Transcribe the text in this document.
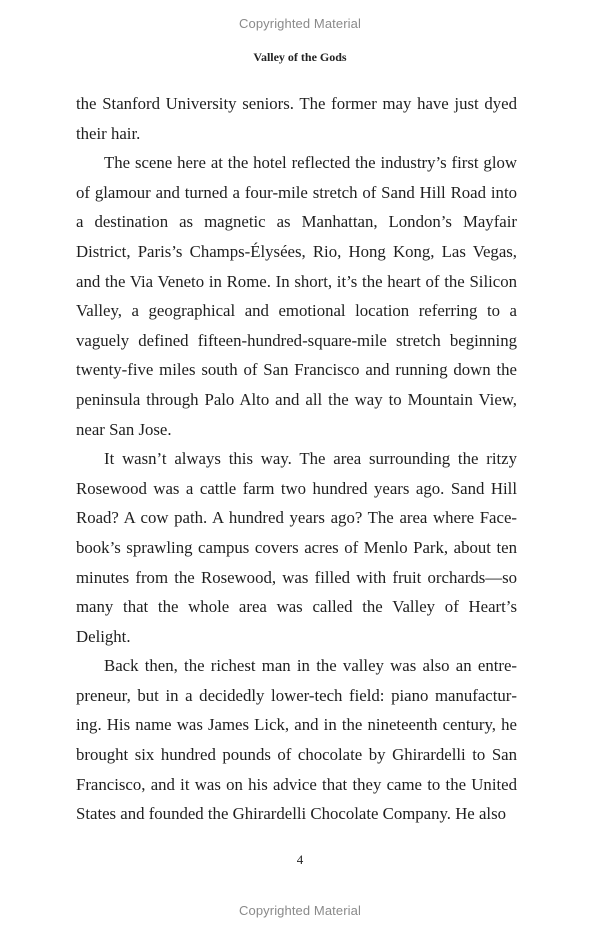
Copyrighted Material
Valley of the Gods

the Stanford University seniors. The former may have just dyed their hair.

The scene here at the hotel reflected the industry’s first glow of glamour and turned a four-mile stretch of Sand Hill Road into a destination as magnetic as Manhattan, London’s Mayfair District, Paris’s Champs-Élysées, Rio, Hong Kong, Las Vegas, and the Via Veneto in Rome. In short, it’s the heart of the Silicon Valley, a geographical and emotional location referring to a vaguely defined fifteen-hundred-square-mile stretch beginning twenty-five miles south of San Francisco and running down the peninsula through Palo Alto and all the way to Mountain View, near San Jose.

It wasn’t always this way. The area surrounding the ritzy Rosewood was a cattle farm two hundred years ago. Sand Hill Road? A cow path. A hundred years ago? The area where Facebook’s sprawling campus covers acres of Menlo Park, about ten minutes from the Rosewood, was filled with fruit orchards—so many that the whole area was called the Valley of Heart’s Delight.

Back then, the richest man in the valley was also an entrepreneur, but in a decidedly lower-tech field: piano manufacturing. His name was James Lick, and in the nineteenth century, he brought six hundred pounds of chocolate by Ghirardelli to San Francisco, and it was on his advice that they came to the United States and founded the Ghirardelli Chocolate Company. He also

4
Copyrighted Material
